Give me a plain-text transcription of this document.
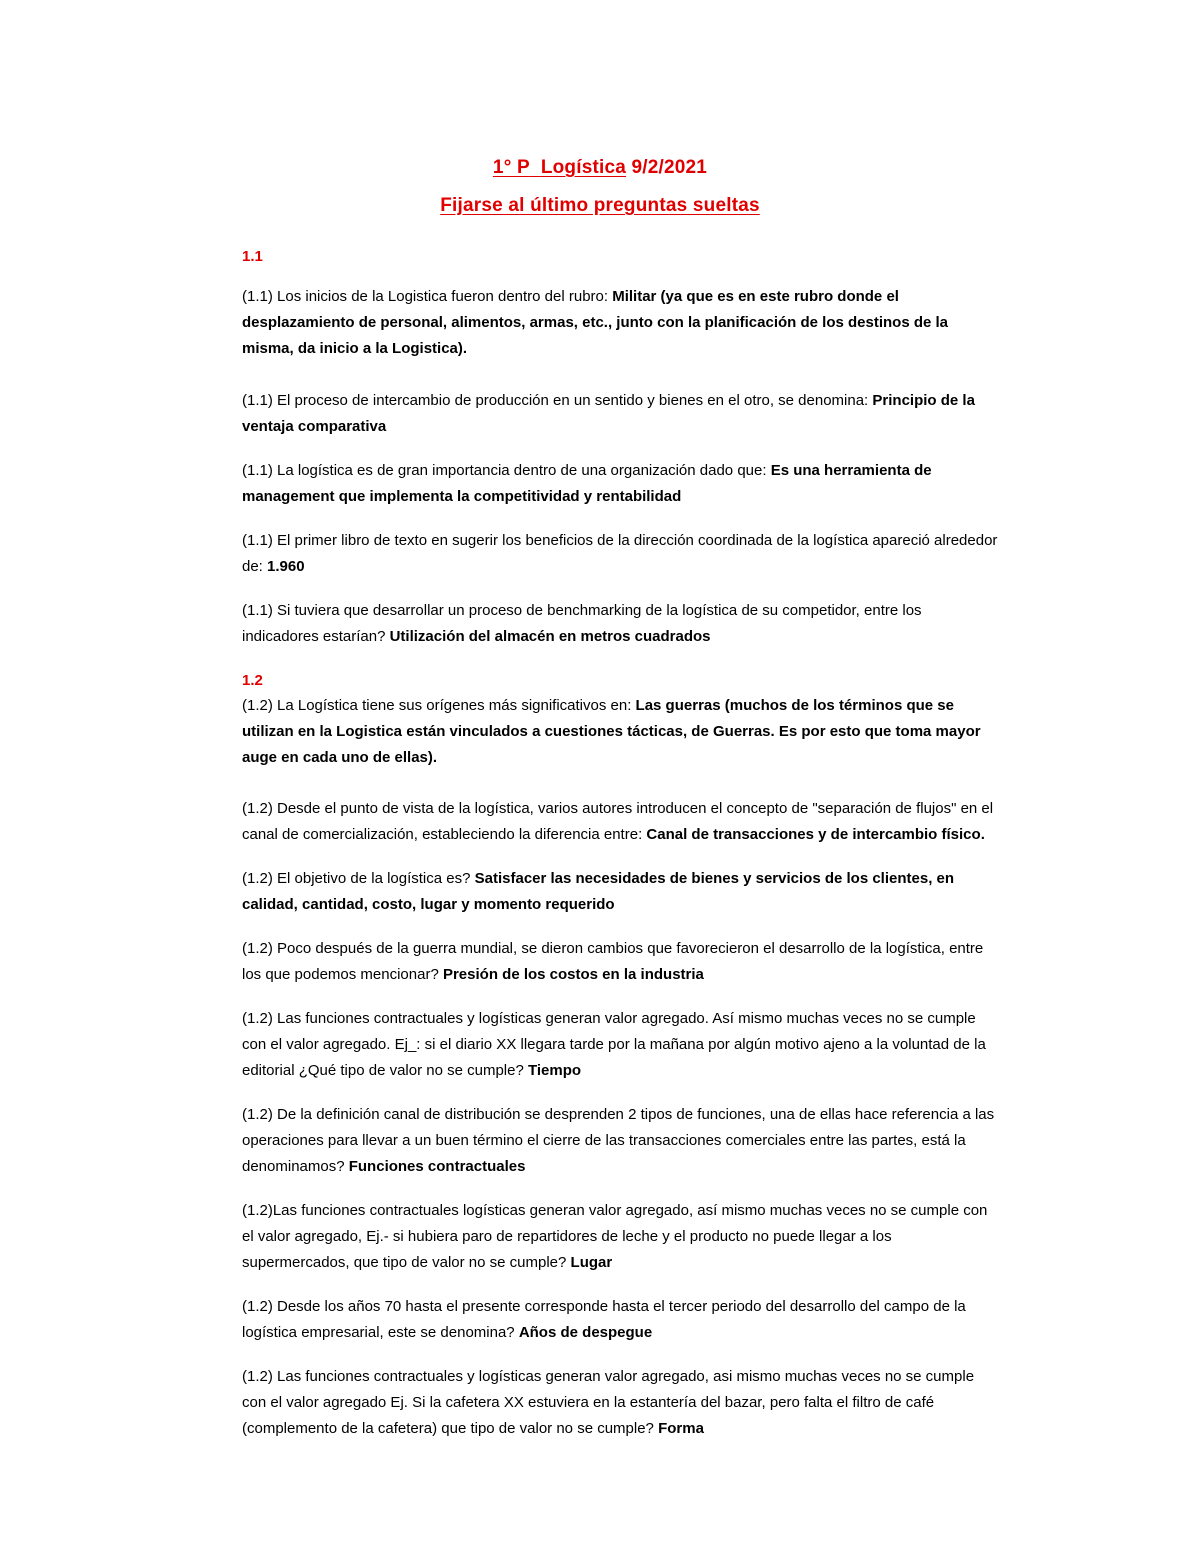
1° P Logística 9/2/2021
Fijarse al último preguntas sueltas
1.1

(1.1) Los inicios de la Logistica fueron dentro del rubro: Militar (ya que es en este rubro donde el desplazamiento de personal, alimentos, armas, etc., junto con la planificación de los destinos de la misma, da inicio a la Logistica).

(1.1) El proceso de intercambio de producción en un sentido y bienes en el otro, se denomina: Principio de la ventaja comparativa

(1.1) La logística es de gran importancia dentro de una organización dado que: Es una herramienta de management que implementa la competitividad y rentabilidad

(1.1) El primer libro de texto en sugerir los beneficios de la dirección coordinada de la logística apareció alrededor de: 1.960

(1.1) Si tuviera que desarrollar un proceso de benchmarking de la logística de su competidor, entre los indicadores estarían? Utilización del almacén en metros cuadrados

1.2

(1.2) La Logística tiene sus orígenes más significativos en: Las guerras (muchos de los términos que se utilizan en la Logistica están vinculados a cuestiones tácticas, de Guerras. Es por esto que toma mayor auge en cada uno de ellas).

(1.2) Desde el punto de vista de la logística, varios autores introducen el concepto de "separación de flujos" en el canal de comercialización, estableciendo la diferencia entre: Canal de transacciones y de intercambio físico.

(1.2) El objetivo de la logística es? Satisfacer las necesidades de bienes y servicios de los clientes, en calidad, cantidad, costo, lugar y momento requerido

(1.2) Poco después de la guerra mundial, se dieron cambios que favorecieron el desarrollo de la logística, entre los que podemos mencionar? Presión de los costos en la industria

(1.2) Las funciones contractuales y logísticas generan valor agregado. Así mismo muchas veces no se cumple con el valor agregado. Ej_: si el diario XX llegara tarde por la mañana por algún motivo ajeno a la voluntad de la editorial ¿Qué tipo de valor no se cumple? Tiempo

(1.2) De la definición canal de distribución se desprenden 2 tipos de funciones, una de ellas hace referencia a las operaciones para llevar a un buen término el cierre de las transacciones comerciales entre las partes, está la denominamos? Funciones contractuales

(1.2)Las funciones contractuales logísticas generan valor agregado, así mismo muchas veces no se cumple con el valor agregado, Ej.- si hubiera paro de repartidores de leche y el producto no puede llegar a los supermercados, que tipo de valor no se cumple? Lugar

(1.2) Desde los años 70 hasta el presente corresponde hasta el tercer periodo del desarrollo del campo de la logística empresarial, este se denomina? Años de despegue

(1.2) Las funciones contractuales y logísticas generan valor agregado, asi mismo muchas veces no se cumple con el valor agregado Ej. Si la cafetera XX estuviera en la estantería del bazar, pero falta el filtro de café (complemento de la cafetera) que tipo de valor no se cumple? Forma
